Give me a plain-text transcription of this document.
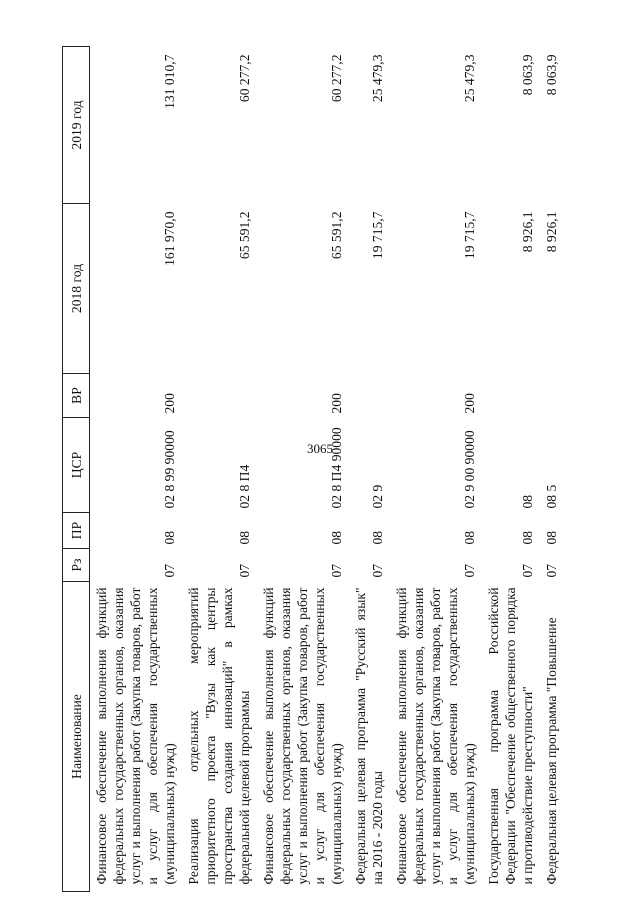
3065
Наименование	Рз	ПР	ЦСР	ВР	2018 год	2019 год
Финансовое обеспечение выполнения функций федеральных государственных органов, оказания услуг и выполнения работ (Закупка товаров, работ и услуг для обеспечения государственных (муниципальных) нужд)	07	08	02 8 99 90000	200	161 970,0	131 010,7
Реализация отдельных мероприятий приоритетного проекта "Вузы как центры пространства создания инноваций" в рамках федеральной целевой программы	07	08	02 8 П4		65 591,2	60 277,2
Финансовое обеспечение выполнения функций федеральных государственных органов, оказания услуг и выполнения работ (Закупка товаров, работ и услуг для обеспечения государственных (муниципальных) нужд)	07	08	02 8 П4 90000	200	65 591,2	60 277,2
Федеральная целевая программа "Русский язык" на 2016 - 2020 годы	07	08	02 9		19 715,7	25 479,3
Финансовое обеспечение выполнения функций федеральных государственных органов, оказания услуг и выполнения работ (Закупка товаров, работ и услуг для обеспечения государственных (муниципальных) нужд)	07	08	02 9 00 90000	200	19 715,7	25 479,3
Государственная программа Российской Федерации "Обеспечение общественного порядка и противодействие преступности"	07	08	08		8 926,1	8 063,9
Федеральная целевая программа "Повышение	07	08	08 5		8 926,1	8 063,9
